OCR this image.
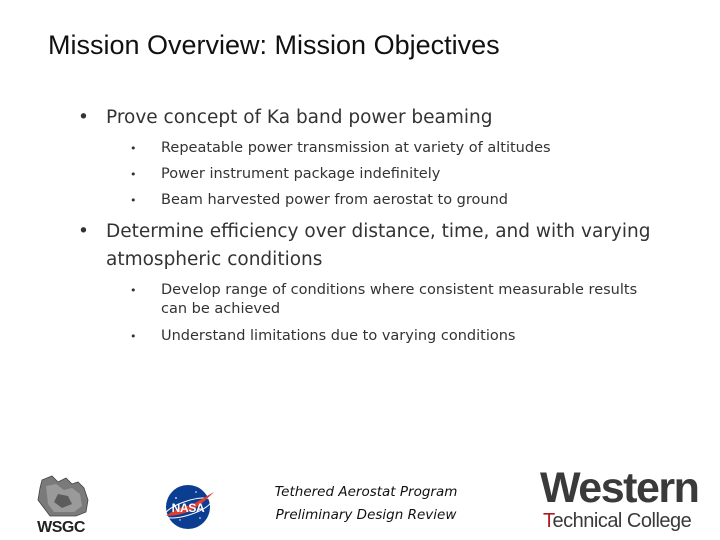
Mission Overview: Mission Objectives
• Prove concept of Ka band power beaming
• Repeatable power transmission at variety of altitudes
• Power instrument package indefinitely
• Beam harvested power from aerostat to ground
• Determine efficiency over distance, time, and with varying atmospheric conditions
• Develop range of conditions where consistent measurable results can be achieved
• Understand limitations due to varying conditions
WSGC
NASA
Tethered Aerostat Program
Preliminary Design Review
Western
Technical College
